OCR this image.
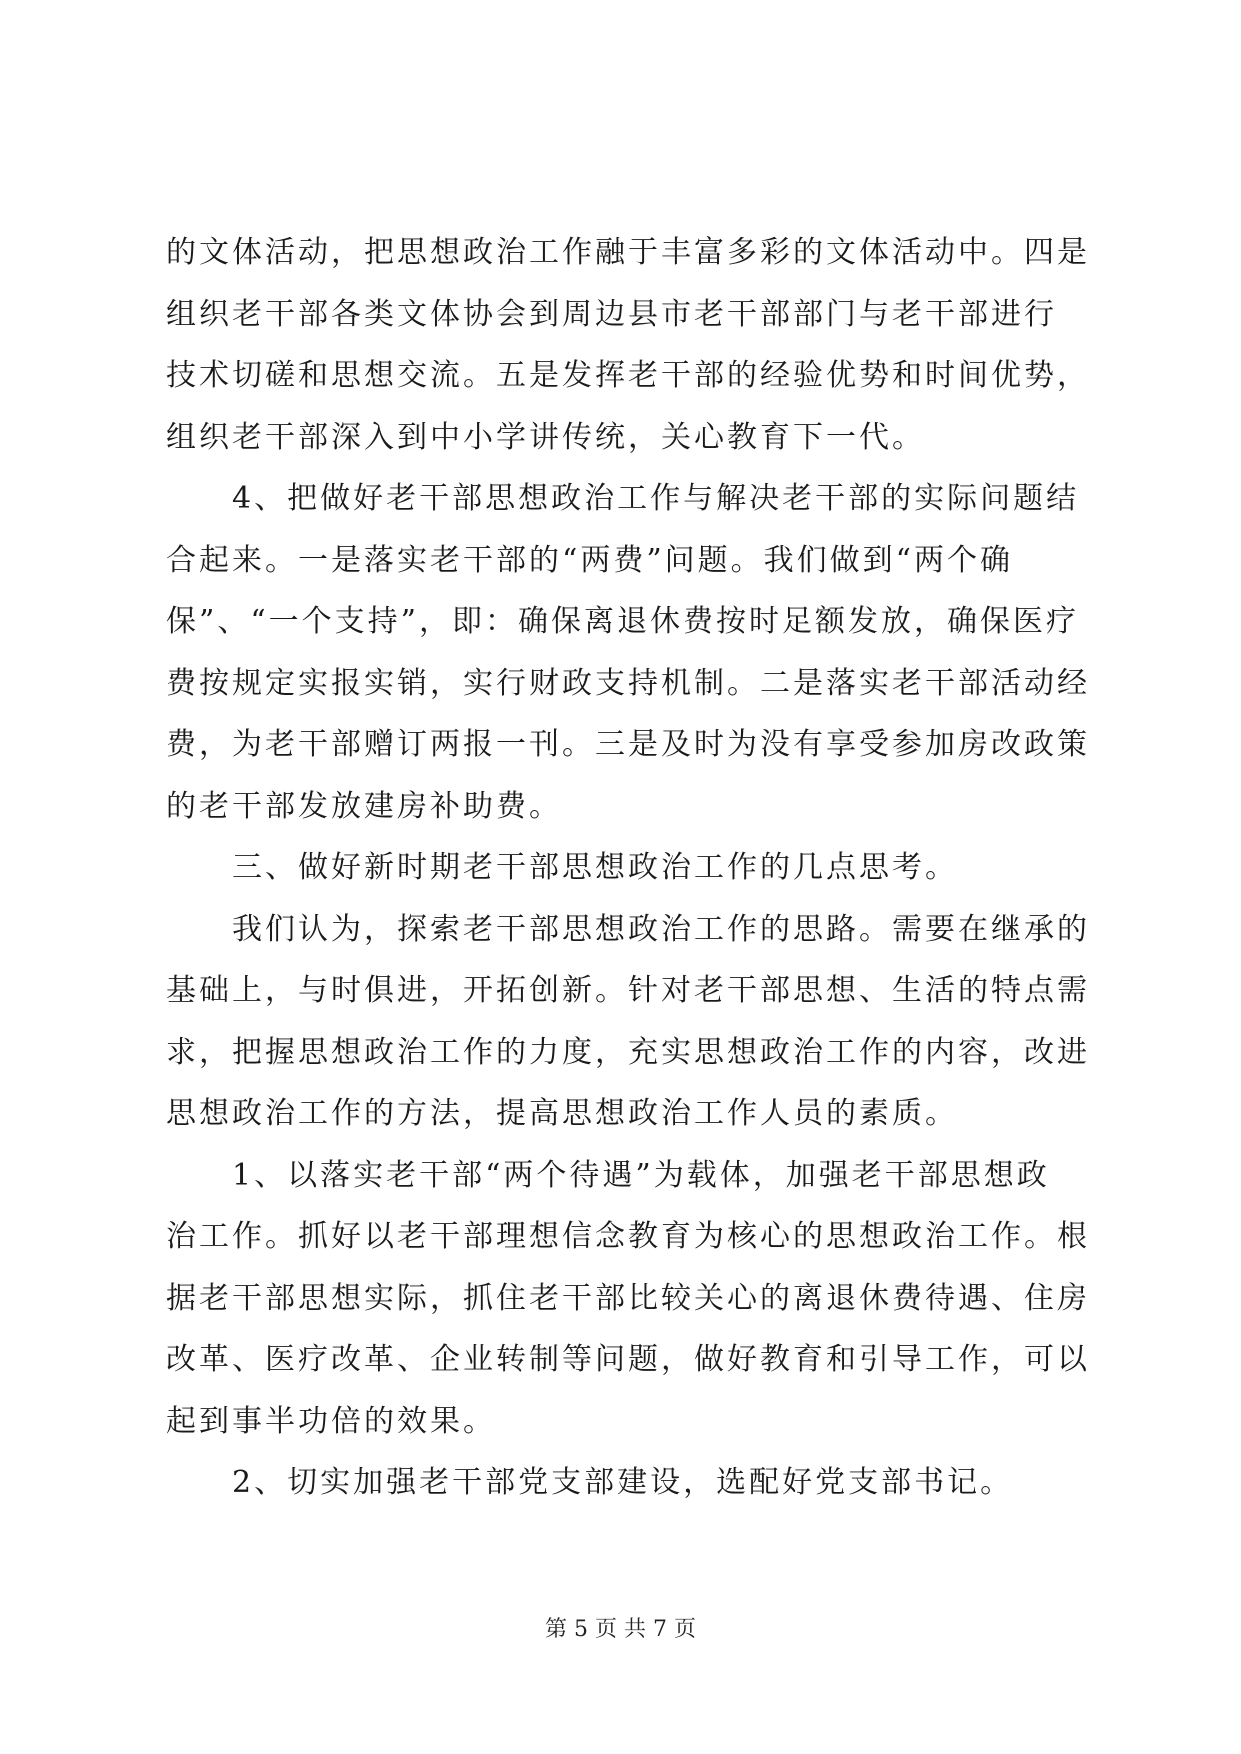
的文体活动，把思想政治工作融于丰富多彩的文体活动中。四是
组织老干部各类文体协会到周边县市老干部部门与老干部进行
技术切磋和思想交流。五是发挥老干部的经验优势和时间优势，
组织老干部深入到中小学讲传统，关心教育下一代。
4、把做好老干部思想政治工作与解决老干部的实际问题结
合起来。一是落实老干部的“两费”问题。我们做到“两个确
保”、“一个支持”，即：确保离退休费按时足额发放，确保医疗
费按规定实报实销，实行财政支持机制。二是落实老干部活动经
费，为老干部赠订两报一刊。三是及时为没有享受参加房改政策
的老干部发放建房补助费。
三、做好新时期老干部思想政治工作的几点思考。
我们认为，探索老干部思想政治工作的思路。需要在继承的
基础上，与时俱进，开拓创新。针对老干部思想、生活的特点需
求，把握思想政治工作的力度，充实思想政治工作的内容，改进
思想政治工作的方法，提高思想政治工作人员的素质。
1、以落实老干部“两个待遇”为载体，加强老干部思想政
治工作。抓好以老干部理想信念教育为核心的思想政治工作。根
据老干部思想实际，抓住老干部比较关心的离退休费待遇、住房
改革、医疗改革、企业转制等问题，做好教育和引导工作，可以
起到事半功倍的效果。
2、切实加强老干部党支部建设，选配好党支部书记。
第 5 页 共 7 页
